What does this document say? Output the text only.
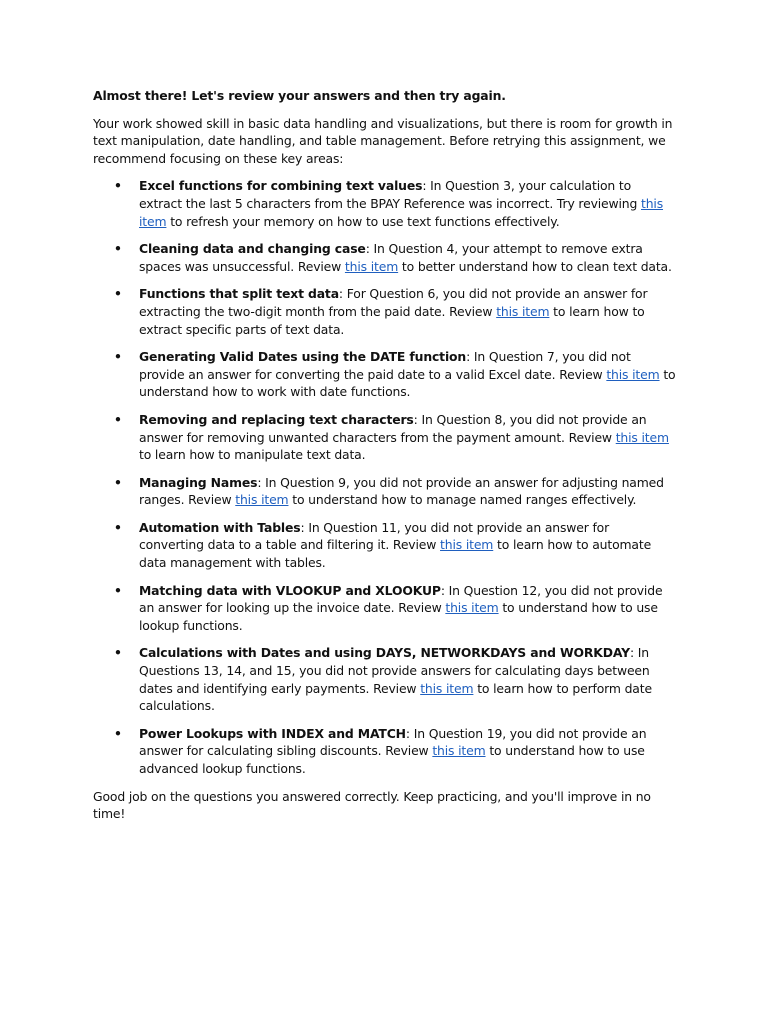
Almost there! Let's review your answers and then try again.

Your work showed skill in basic data handling and visualizations, but there is room for growth in text manipulation, date handling, and table management. Before retrying this assignment, we recommend focusing on these key areas:

• Excel functions for combining text values: In Question 3, your calculation to extract the last 5 characters from the BPAY Reference was incorrect. Try reviewing this item to refresh your memory on how to use text functions effectively.
• Cleaning data and changing case: In Question 4, your attempt to remove extra spaces was unsuccessful. Review this item to better understand how to clean text data.
• Functions that split text data: For Question 6, you did not provide an answer for extracting the two-digit month from the paid date. Review this item to learn how to extract specific parts of text data.
• Generating Valid Dates using the DATE function: In Question 7, you did not provide an answer for converting the paid date to a valid Excel date. Review this item to understand how to work with date functions.
• Removing and replacing text characters: In Question 8, you did not provide an answer for removing unwanted characters from the payment amount. Review this item to learn how to manipulate text data.
• Managing Names: In Question 9, you did not provide an answer for adjusting named ranges. Review this item to understand how to manage named ranges effectively.
• Automation with Tables: In Question 11, you did not provide an answer for converting data to a table and filtering it. Review this item to learn how to automate data management with tables.
• Matching data with VLOOKUP and XLOOKUP: In Question 12, you did not provide an answer for looking up the invoice date. Review this item to understand how to use lookup functions.
• Calculations with Dates and using DAYS, NETWORKDAYS and WORKDAY: In Questions 13, 14, and 15, you did not provide answers for calculating days between dates and identifying early payments. Review this item to learn how to perform date calculations.
• Power Lookups with INDEX and MATCH: In Question 19, you did not provide an answer for calculating sibling discounts. Review this item to understand how to use advanced lookup functions.

Good job on the questions you answered correctly. Keep practicing, and you'll improve in no time!
